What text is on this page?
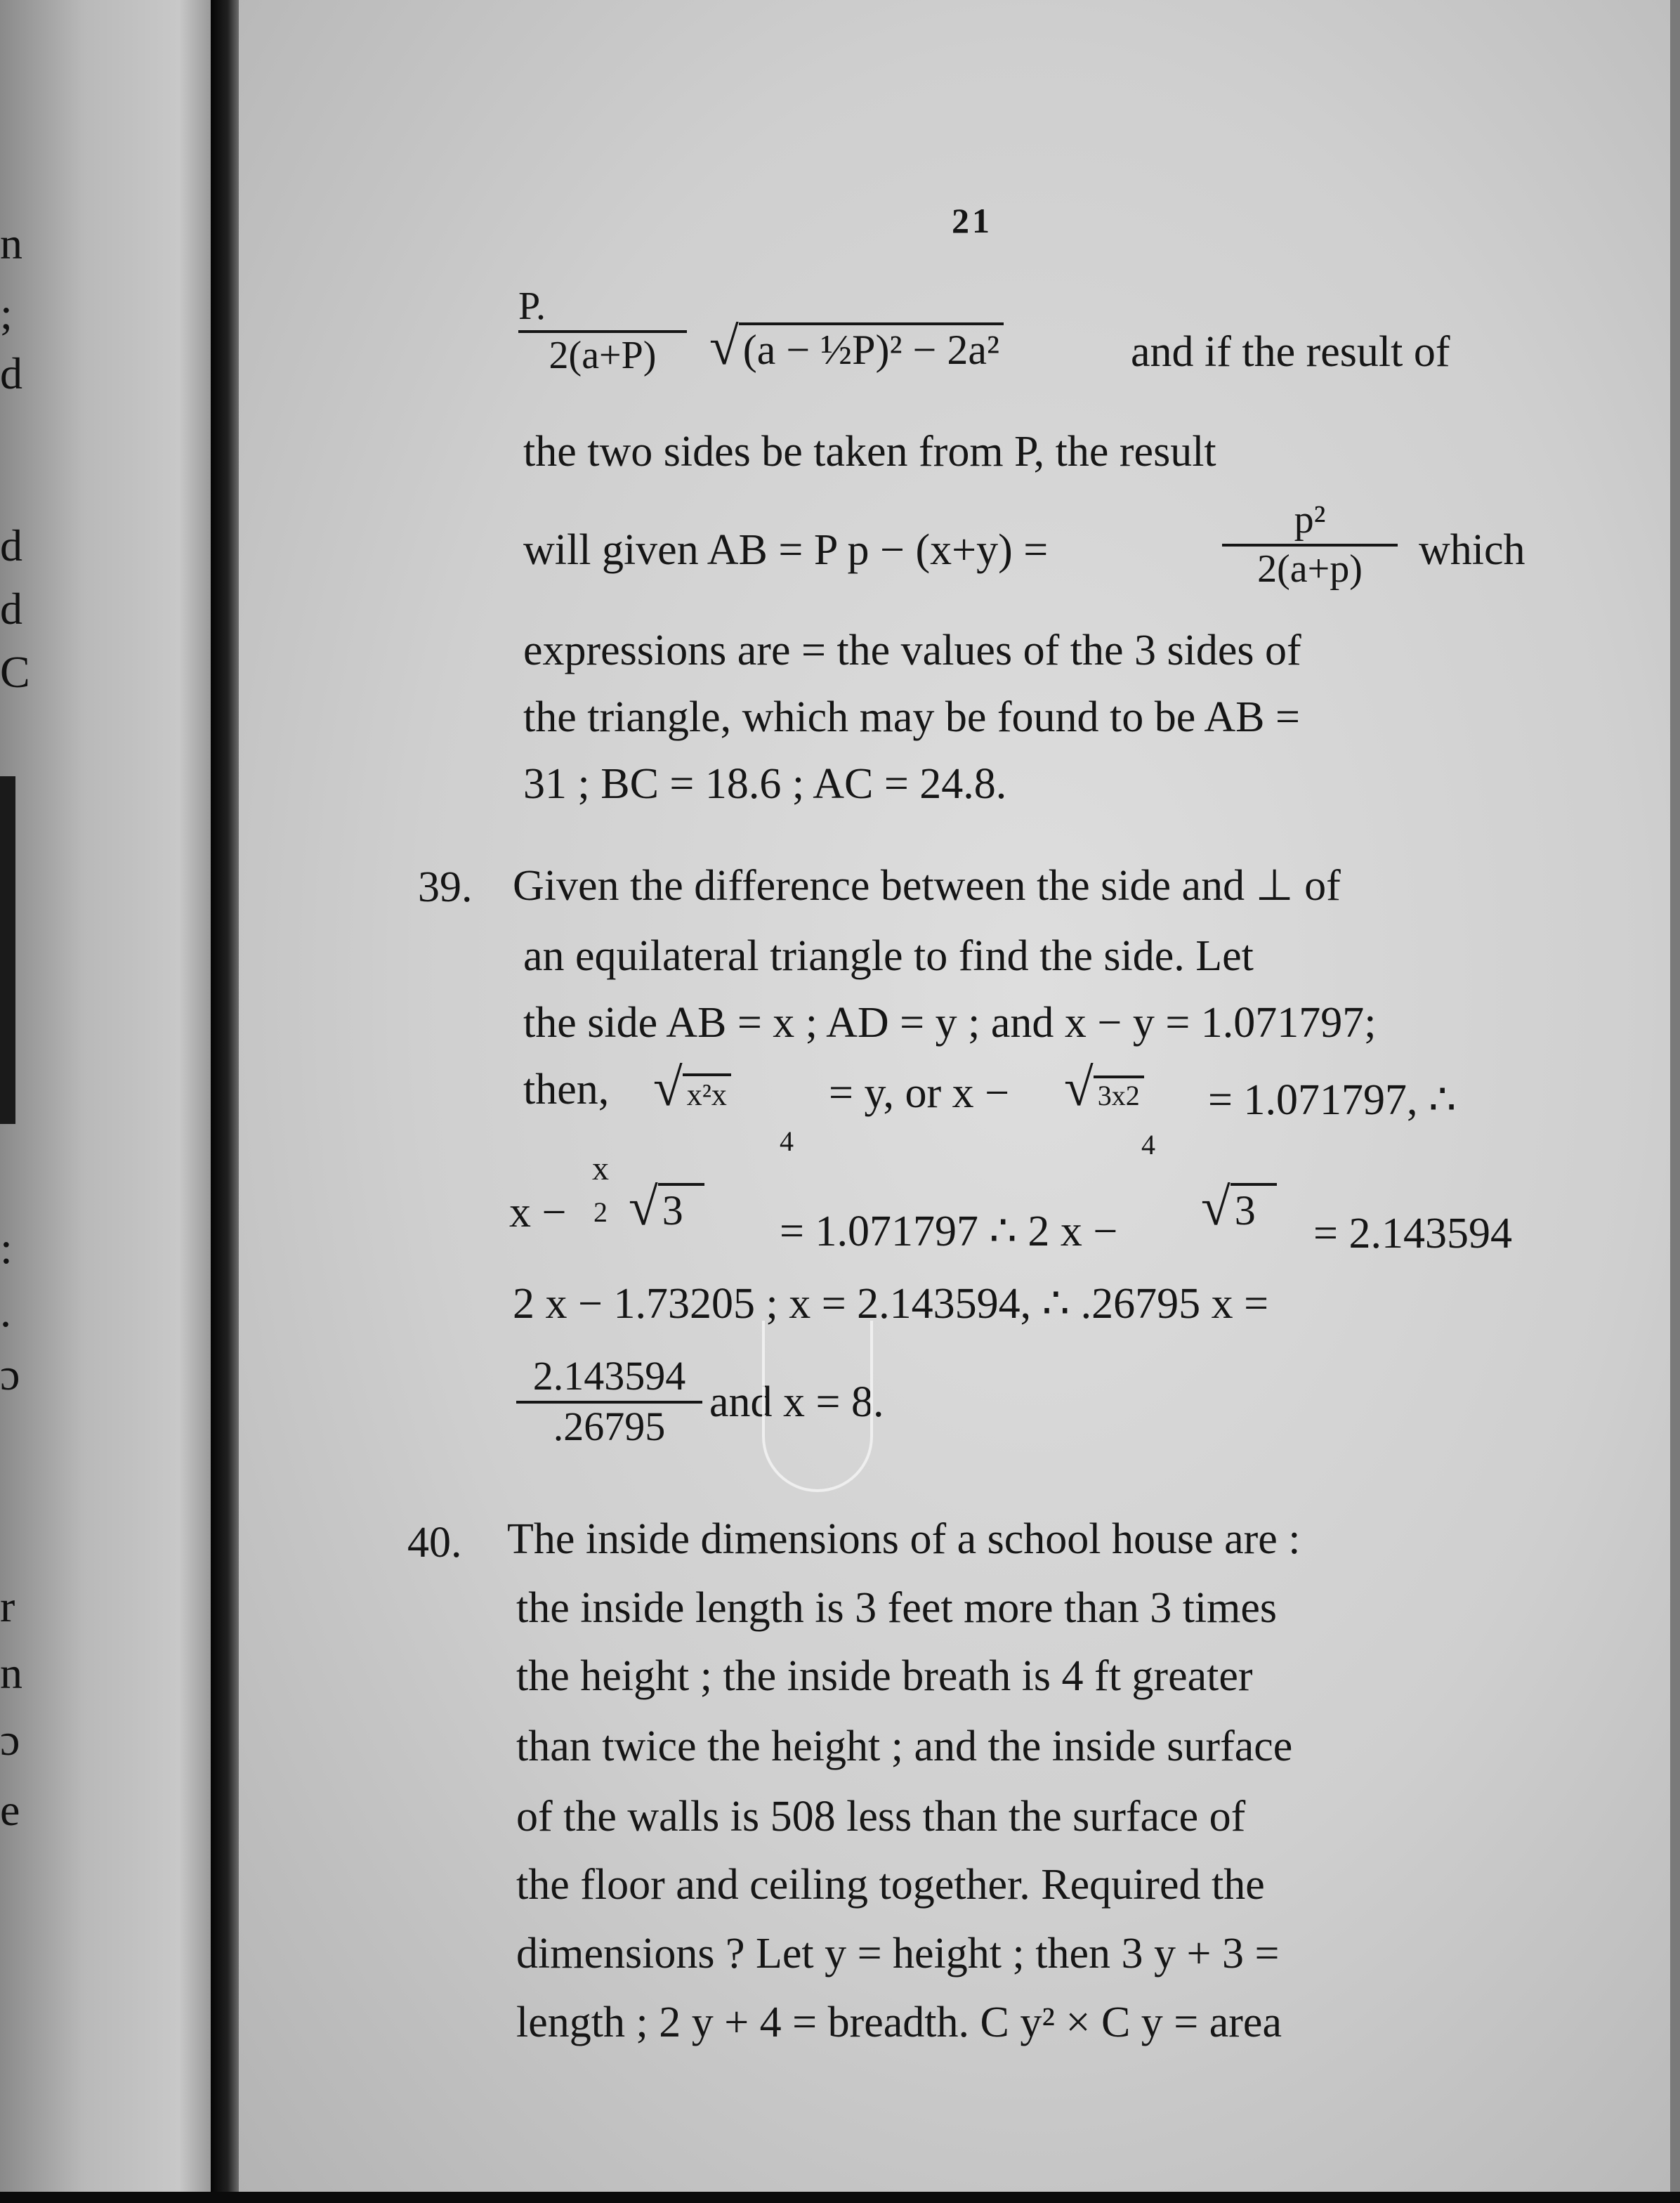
n
;
d
d
d
C
:
.
ɔ
r
n
ɔ
e
21
P.
2(a+P) √ (a − ½P)² − 2a²	and if the result of
the two sides be taken from P, the result
will given AB = P p − (x+y) =
p²
2(a+p)	which
expressions are = the values of the 3 sides of
the triangle, which may be found to be AB =
31 ; BC = 18.6 ; AC = 24.8.
39. Given the difference between the side and ⊥ of
an equilateral triangle to find the side. Let
the side AB = x ; AD = y ; and x − y = 1.071797;
then, √ x²x
4
= y, or x − √ 3x2
4
= 1.071797, ∴
x −
x
2 √ 3	= 1.071797 ∴ 2 x − √ 3	= 2.143594
2 x − 1.73205 ; x = 2.143594, ∴ .26795 x =
2.143594
.26795
and x = 8.
40. The inside dimensions of a school house are :
the inside length is 3 feet more than 3 times
the height ; the inside breath is 4 ft greater
than twice the height ; and the inside surface
of the walls is 508 less than the surface of
the floor and ceiling together. Required the
dimensions ? Let y = height ; then 3 y + 3 =
length ; 2 y + 4 = breadth. C y² × C y = area
